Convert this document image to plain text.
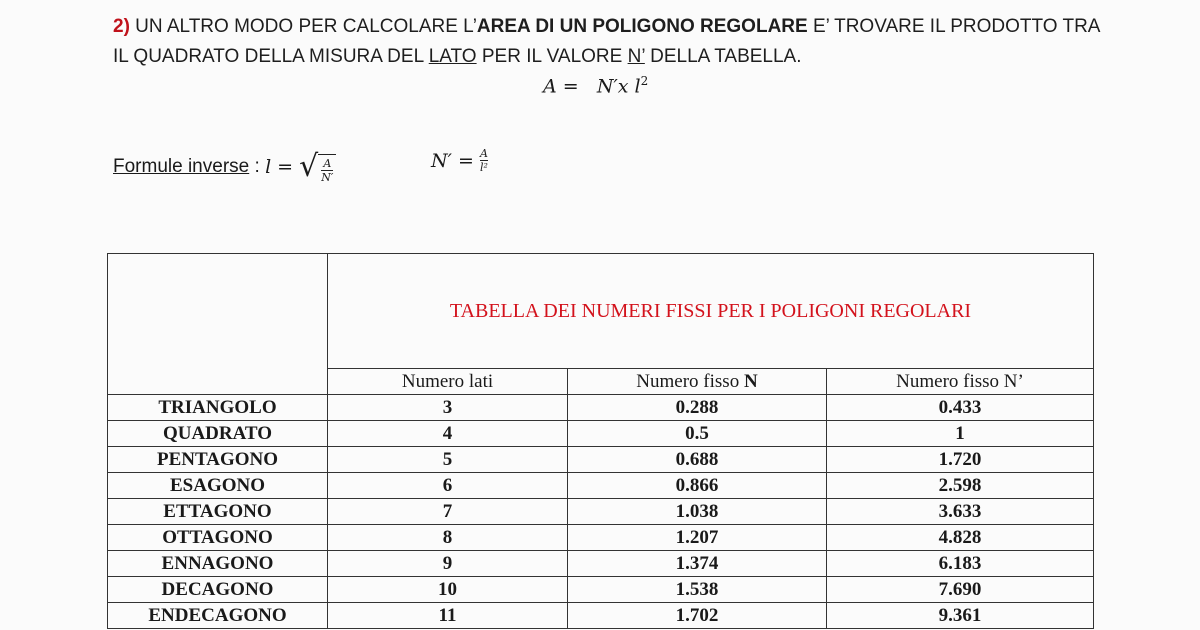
2) UN ALTRO MODO PER CALCOLARE L’AREA DI UN POLIGONO REGOLARE E’ TROVARE IL PRODOTTO TRA
IL QUADRATO DELLA MISURA DEL LATO PER IL VALORE N’ DELLA TABELLA.
A = N′x $l^2$
Formule inverse : l = √ $\frac{A}{N'}$	N′ =
$\frac{A}{\text{l²}}$
	TABELLA DEI NUMERI FISSI PER I POLIGONI REGOLARI		
	Numero lati	Numero fisso N	Numero fisso N’
TRIANGOLO	3	0.288	0.433
QUADRATO	4	0.5	1
PENTAGONO	5	0.688	1.720
ESAGONO	6	0.866	2.598
ETTAGONO	7	1.038	3.633
OTTAGONO	8	1.207	4.828
ENNAGONO	9	1.374	6.183
DECAGONO	10	1.538	7.690
ENDECAGONO	11	1.702	9.361
